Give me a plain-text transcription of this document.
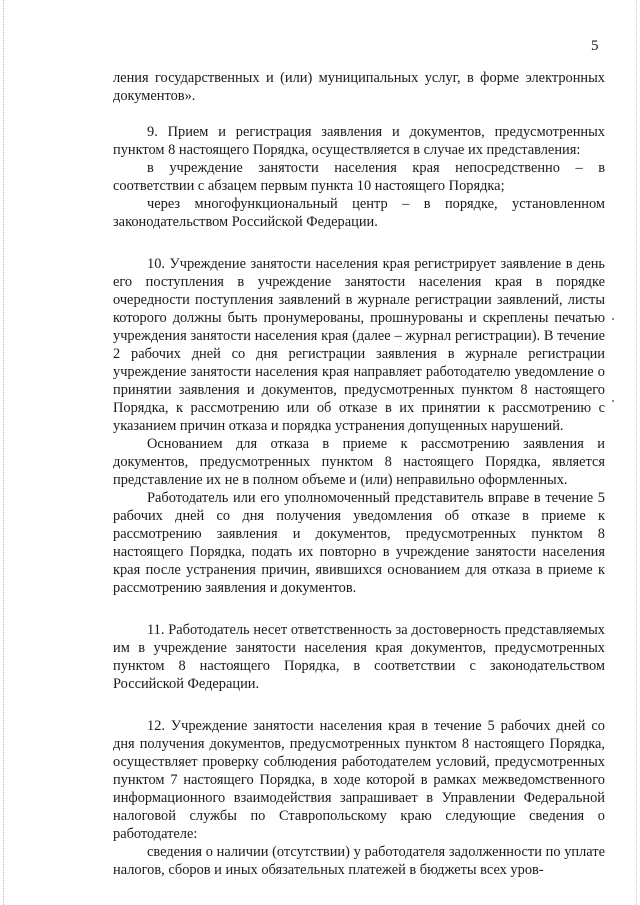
5

ления государственных и (или) муниципальных услуг, в форме электронных документов».

9. Прием и регистрация заявления и документов, предусмотренных пунктом 8 настоящего Порядка, осуществляется в случае их представления:

в учреждение занятости населения края непосредственно – в соответствии с абзацем первым пункта 10 настоящего Порядка;

через многофункциональный центр – в порядке, установленном законодательством Российской Федерации.

10. Учреждение занятости населения края регистрирует заявление в день его поступления в учреждение занятости населения края в порядке очередности поступления заявлений в журнале регистрации заявлений, листы которого должны быть пронумерованы, прошнурованы и скреплены печатью учреждения занятости населения края (далее – журнал регистрации). В течение 2 рабочих дней со дня регистрации заявления в журнале регистрации учреждение занятости населения края направляет работодателю уведомление о принятии заявления и документов, предусмотренных пунктом 8 настоящего Порядка, к рассмотрению или об отказе в их принятии к рассмотрению с указанием причин отказа и порядка устранения допущенных нарушений.

Основанием для отказа в приеме к рассмотрению заявления и документов, предусмотренных пунктом 8 настоящего Порядка, является представление их не в полном объеме и (или) неправильно оформленных.

Работодатель или его уполномоченный представитель вправе в течение 5 рабочих дней со дня получения уведомления об отказе в приеме к рассмотрению заявления и документов, предусмотренных пунктом 8 настоящего Порядка, подать их повторно в учреждение занятости населения края после устранения причин, явившихся основанием для отказа в приеме к рассмотрению заявления и документов.

11. Работодатель несет ответственность за достоверность представляемых им в учреждение занятости населения края документов, предусмотренных пунктом 8 настоящего Порядка, в соответствии с законодательством Российской Федерации.

12. Учреждение занятости населения края в течение 5 рабочих дней со дня получения документов, предусмотренных пунктом 8 настоящего Порядка, осуществляет проверку соблюдения работодателем условий, предусмотренных пунктом 7 настоящего Порядка, в ходе которой в рамках межведомственного информационного взаимодействия запрашивает в Управлении Федеральной налоговой службы по Ставропольскому краю следующие сведения о работодателе:

сведения о наличии (отсутствии) у работодателя задолженности по уплате налогов, сборов и иных обязательных платежей в бюджеты всех уров-
